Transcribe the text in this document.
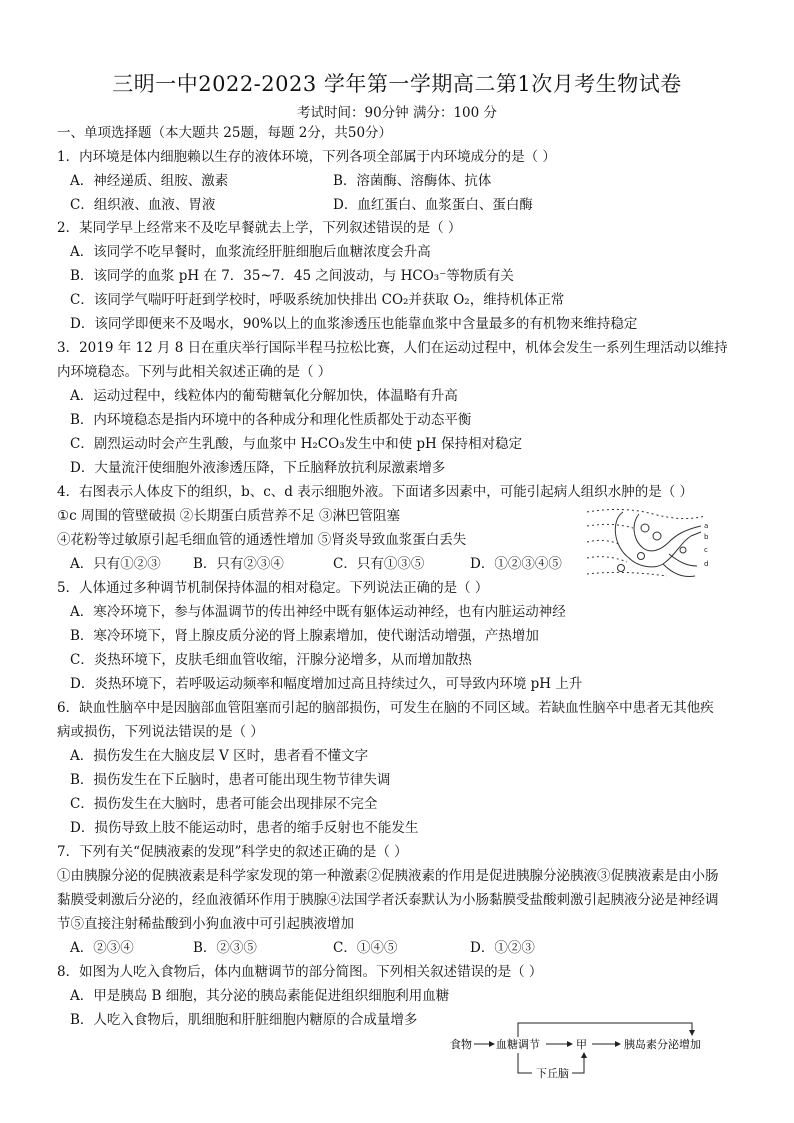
三明一中2022-2023 学年第一学期高二第1次月考生物试卷
考试时间：90分钟 满分：100 分
一、单项选择题（本大题共 25题，每题 2分，共50分）
1．内环境是体内细胞赖以生存的液体环境，下列各项全部属于内环境成分的是（ ）
A．神经递质、组胺、激素	B．溶菌酶、溶酶体、抗体
C．组织液、血液、胃液	D．血红蛋白、血浆蛋白、蛋白酶
2．某同学早上经常来不及吃早餐就去上学，下列叙述错误的是（ ）
A．该同学不吃早餐时，血浆流经肝脏细胞后血糖浓度会升高
B．该同学的血浆 pH 在 7．35~7．45 之间波动，与 HCO₃⁻等物质有关
C．该同学气喘吁吁赶到学校时，呼吸系统加快排出 CO₂并获取 O₂，维持机体正常
D．该同学即便来不及喝水，90%以上的血浆渗透压也能靠血浆中含量最多的有机物来维持稳定
3．2019 年 12 月 8 日在重庆举行国际半程马拉松比赛，人们在运动过程中，机体会发生一系列生理活动以维持
内环境稳态。下列与此相关叙述正确的是（ ）
A．运动过程中，线粒体内的葡萄糖氧化分解加快，体温略有升高
B．内环境稳态是指内环境中的各种成分和理化性质都处于动态平衡
C．剧烈运动时会产生乳酸，与血浆中 H₂CO₃发生中和使 pH 保持相对稳定
D．大量流汗使细胞外液渗透压降，下丘脑释放抗利尿激素增多
4．右图表示人体皮下的组织，b、c、d 表示细胞外液。下面诸多因素中，可能引起病人组织水肿的是（ ）
①c 周围的管壁破损 ②长期蛋白质营养不足 ③淋巴管阻塞
④花粉等过敏原引起毛细血管的通透性增加 ⑤肾炎导致血浆蛋白丢失
A．只有①②③ B．只有②③④	C．只有①③⑤	D．①②③④⑤
a
b
c
d
5．人体通过多种调节机制保持体温的相对稳定。下列说法正确的是（ ）
A．寒冷环境下，参与体温调节的传出神经中既有躯体运动神经，也有内脏运动神经
B．寒冷环境下，肾上腺皮质分泌的肾上腺素增加，使代谢活动增强，产热增加
C．炎热环境下，皮肤毛细血管收缩，汗腺分泌增多，从而增加散热
D．炎热环境下，若呼吸运动频率和幅度增加过高且持续过久，可导致内环境 pH 上升
6．缺血性脑卒中是因脑部血管阻塞而引起的脑部损伤，可发生在脑的不同区域。若缺血性脑卒中患者无其他疾
病或损伤，下列说法错误的是（ ）
A．损伤发生在大脑皮层 V 区时，患者看不懂文字
B．损伤发生在下丘脑时，患者可能出现生物节律失调
C．损伤发生在大脑时，患者可能会出现排尿不完全
D．损伤导致上肢不能运动时，患者的缩手反射也不能发生
7．下列有关“促胰液素的发现”科学史的叙述正确的是（ ）
①由胰腺分泌的促胰液素是科学家发现的第一种激素②促胰液素的作用是促进胰腺分泌胰液③促胰液素是由小肠
黏膜受刺激后分泌的，经血液循环作用于胰腺④法国学者沃泰默认为小肠黏膜受盐酸刺激引起胰液分泌是神经调
节⑤直接注射稀盐酸到小狗血液中可引起胰液增加
A．②③④	B．②③⑤	C．①④⑤	D．①②③
8．如图为人吃入食物后，体内血糖调节的部分简图。下列相关叙述错误的是（ ）
A．甲是胰岛 B 细胞，其分泌的胰岛素能促进组织细胞利用血糖
B．人吃入食物后，肌细胞和肝脏细胞内糖原的合成量增多
食物 血糖调节	甲	胰岛素分泌增加
下丘脑
